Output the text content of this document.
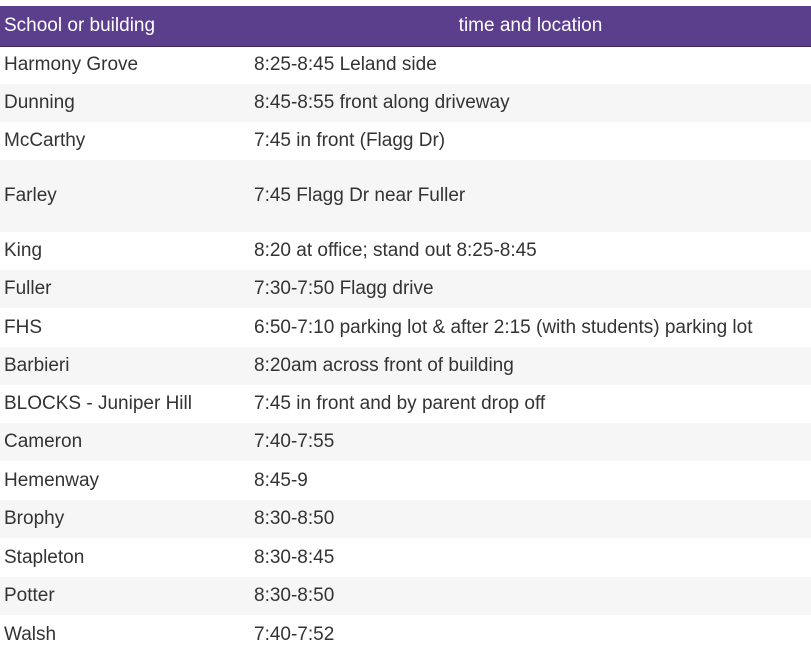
School or building	time and location
Harmony Grove	8:25-8:45 Leland side
Dunning	8:45-8:55 front along driveway
McCarthy	7:45 in front (Flagg Dr)
Farley	7:45 Flagg Dr near Fuller
King	8:20 at office; stand out 8:25-8:45
Fuller	7:30-7:50 Flagg drive
FHS	6:50-7:10 parking lot & after 2:15 (with students) parking lot
Barbieri	8:20am across front of building
BLOCKS - Juniper Hill	7:45 in front and by parent drop off
Cameron	7:40-7:55
Hemenway	8:45-9
Brophy	8:30-8:50
Stapleton	8:30-8:45
Potter	8:30-8:50
Walsh	7:40-7:52
